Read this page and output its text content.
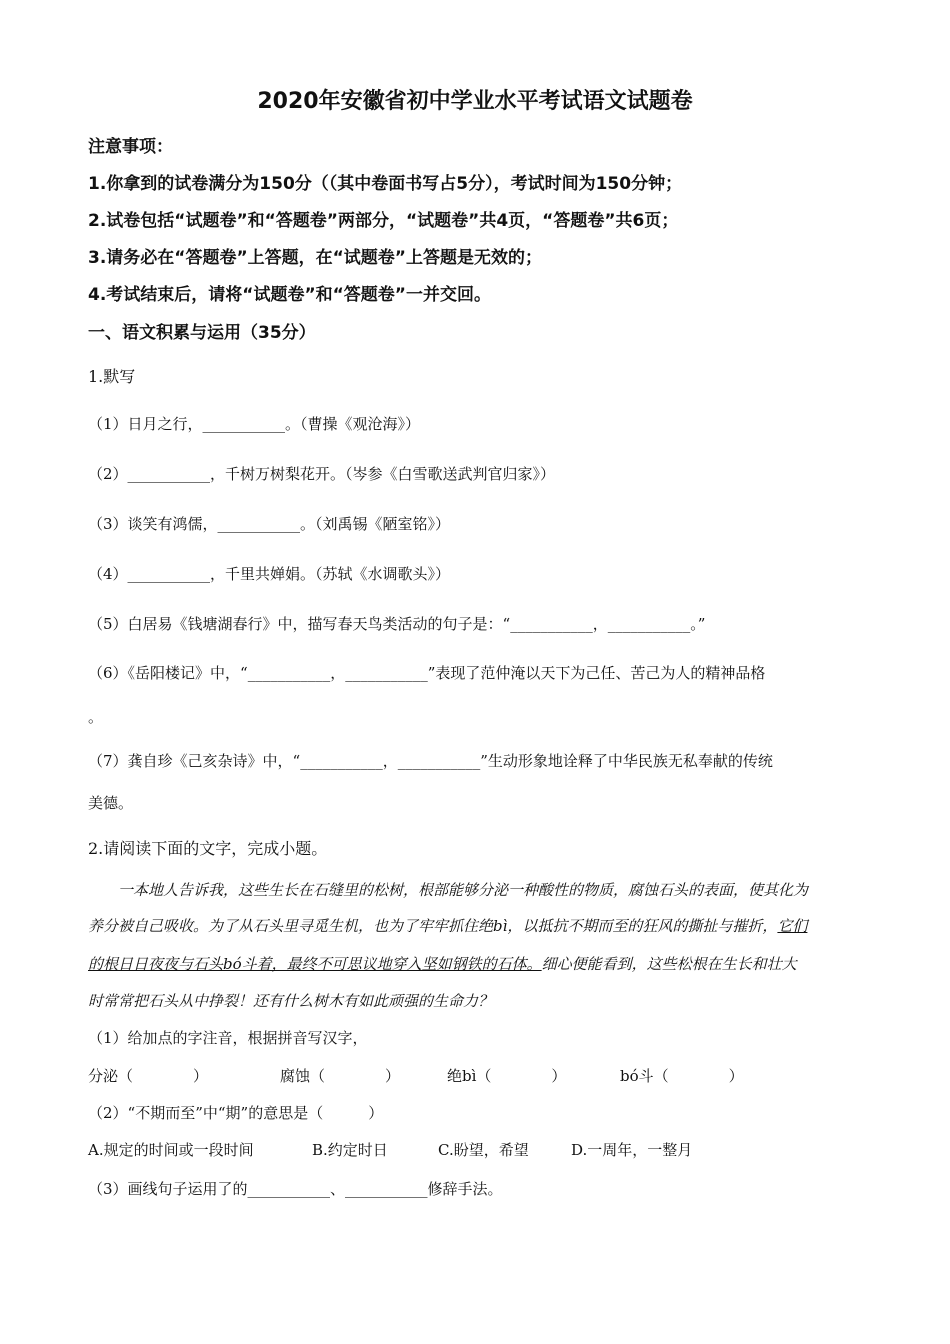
2020年安徽省初中学业水平考试语文试题卷
注意事项：
1.你拿到的试卷满分为150分（（其中卷面书写占5分），考试时间为150分钟；
2.试卷包括“试题卷”和“答题卷”两部分，“试题卷”共4页，“答题卷”共6页；
3.请务必在“答题卷”上答题，在“试题卷”上答题是无效的；
4.考试结束后，请将“试题卷”和“答题卷”一并交回。
一、语文积累与运用（35分）
1.默写
（1）日月之行，___________。（曹操《观沧海》）
（2）___________，千树万树梨花开。（岑参《白雪歌送武判官归家》）
（3）谈笑有鸿儒，___________。（刘禹锡《陋室铭》）
（4）___________，千里共婵娟。（苏轼《水调歌头》）
（5）白居易《钱塘湖春行》中，描写春天鸟类活动的句子是：“___________，___________。”
（6）《岳阳楼记》中，“___________，___________”表现了范仲淹以天下为己任、苦己为人的精神品格
。
（7）龚自珍《己亥杂诗》中，“___________，___________”生动形象地诠释了中华民族无私奉献的传统
美德。
2.请阅读下面的文字，完成小题。
一本地人告诉我，这些生长在石缝里的松树，根部能够分泌一种酸性的物质，腐蚀石头的表面，使其化为
养分被自己吸收。为了从石头里寻觅生机，也为了牢牢抓住绝bì，以抵抗不期而至的狂风的撕扯与摧折，它们
的根日日夜夜与石头bó斗着，最终不可思议地穿入坚如钢铁的石体。细心便能看到，这些松根在生长和壮大
时常常把石头从中挣裂！还有什么树木有如此顽强的生命力？
（1）给加点的字注音，根据拼音写汉字，
分泌（　　　　）	腐蚀（　　　　）	绝bì（　　　　）	bó斗（　　　　）
（2）“不期而至”中“期”的意思是（　　　）
A.规定的时间或一段时间	B.约定时日	C.盼望，希望	D.一周年，一整月
（3）画线句子运用了的___________、___________修辞手法。
